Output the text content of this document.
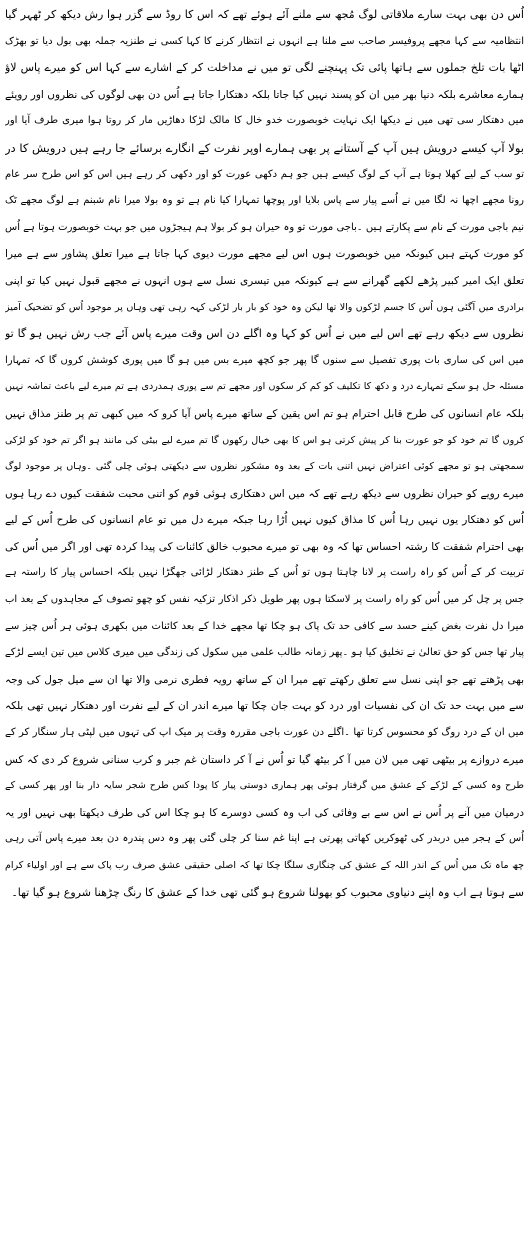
اُس دن بھی بہت سارے ملاقاتی لوگ مُجھ سے ملنے آئے ہوئے تھے کہ اس کا روڈ سے گزر ہوا رش دیکھ کر ٹھہر گیا
انتظامیہ سے کہا مجھے پروفیسر صاحب سے ملنا ہے انہوں نے انتظار کرنے کا کہا کسی نے طنزیہ جملہ بھی بول دیا تو بھڑک
اٹھا بات تلخ جملوں سے ہاتھا پائی تک پہنچنے لگی تو میں نے مداخلت کر کے اشارے سے کہا اس کو میرے پاس لاؤ
ہمارے معاشرے بلکہ دنیا بھر میں ان کو پسند نہیں کیا جاتا بلکہ دھتکارا جاتا ہے اُس دن بھی لوگوں کی نظروں اور رویئے
میں دھتکار سی تھی میں نے دیکھا ایک نہایت خوبصورت خدو خال کا مالک لڑکا دھاڑیں مار کر روتا ہوا میری طرف آیا اور
بولا آپ کیسے درویش ہیں آپ کے آستانے پر بھی ہمارے اوپر نفرت کے انگارے برسائے جا رہے ہیں درویش کا در
تو سب کے لیے کھلا ہوتا ہے آپ کے لوگ کیسے ہیں جو ہم دکھی عورت کو اور دکھی کر رہے ہیں اس کو اس طرح سر عام
رونا مجھے اچھا نہ لگا میں نے اُسے پیار سے پاس بلایا اور پوچھا تمہارا کیا نام ہے تو وہ بولا میرا نام شبنم ہے لوگ مجھے ٹک
نیم باجی مورت کے نام سے پکارتے ہیں ۔باجی مورت تو وہ حیران ہو کر بولا ہم ہیجڑوں میں جو بہت خوبصورت ہوتا ہے اُس
کو مورت کہتے ہیں کیونکہ میں خوبصورت ہوں اس لیے مجھے مورت دیوی کہا جاتا ہے میرا تعلق پشاور سے ہے میرا
تعلق ایک امیر کبیر پڑھے لکھے گھرانے سے ہے کیونکہ میں تیسری نسل سے ہوں انہوں نے مجھے قبول نہیں کیا تو اپنی
برادری میں آگئی ہوں اُس کا جسم لڑکوں والا تھا لیکن وہ خود کو بار بار لڑکی کہہ رہی تھی وہاں پر موجود اُس کو تضحیک آمیز
نظروں سے دیکھ رہے تھے اس لیے میں نے اُس کو کہا وہ اگلے دن اس وقت میرے پاس آئے جب رش نہیں ہو گا تو
میں اس کی ساری بات پوری تفصیل سے سنوں گا پھر جو کچھ میرے بس میں ہو گا میں پوری کوشش کروں گا کہ تمہارا
مسئلہ حل ہو سکے تمہارے درد و دکھ کا تکلیف کو کم کر سکوں اور مجھے تم سے پوری ہمدردی ہے تم میرے لیے باعث تماشہ نہیں
بلکہ عام انسانوں کی طرح قابل احترام ہو تم اس یقین کے ساتھ میرے پاس آیا کرو کہ میں کبھی تم پر طنز مذاق نہیں
کروں گا تم خود کو جو عورت بنا کر پیش کرتی ہو اس کا بھی خیال رکھوں گا تم میرے لیے بیٹی کی مانند ہو اگر تم خود کو لڑکی
سمجھتی ہو تو مجھے کوئی اعتراض نہیں اتنی بات کے بعد وہ مشکور نظروں سے دیکھتی ہوئی چلی گئی ۔وہاں پر موجود لوگ
میرے رویے کو حیران نظروں سے دیکھ رہے تھے کہ میں اس دھتکاری ہوئی قوم کو اتنی محبت شفقت کیوں دے رہا ہوں
اُس کو دھتکار یوں نہیں رہا اُس کا مذاق کیوں نہیں اُڑا رہا جبکہ میرے دل میں تو عام انسانوں کی طرح اُس کے لیے
بھی احترام شفقت کا رشتہ احساس تھا کہ وہ بھی تو میرے محبوب خالق کائنات کی پیدا کردہ تھی اور اگر میں اُس کی
تربیت کر کے اُس کو راہ راست پر لانا چاہتا ہوں تو اُس کے طنز دھتکار لڑائی جھگڑا نہیں بلکہ احساس پیار کا راستہ ہے
جس پر چل کر میں اُس کو راہ راست پر لاسکتا ہوں پھر طویل ذکر اذکار تزکیہ نفس کو چھو تصوف کے مجاہدوں کے بعد اب
میرا دل نفرت بغض کینے حسد سے کافی حد تک پاک ہو چکا تھا مجھے خدا کے بعد کائنات میں بکھری ہوئی ہر اُس چیز سے
پیار تھا جس کو حق تعالیٰ نے تخلیق کیا ہو ۔پھر زمانہ طالب علمی میں سکول کی زندگی میں میری کلاس میں تین ایسے لڑکے
بھی پڑھتے تھے جو اپنی نسل سے تعلق رکھتے تھے میرا ان کے ساتھ رویہ فطری نرمی والا تھا ان سے میل جول کی وجہ
سے میں بہت حد تک ان کی نفسیات اور درد کو بہت جان چکا تھا میرے اندر ان کے لیے نفرت اور دھتکار نہیں تھی بلکہ
میں ان کے درد روگ کو محسوس کرتا تھا ۔اگلے دن عورت باجی مقررہ وقت پر میک اپ کی تہوں میں لپٹی ہار سنگار کر کے
میرے دروازے پر بیٹھی تھی میں لان میں آ کر بیٹھ گیا تو اُس نے آ کر داستان غم جبر و کرب سنانی شروع کر دی کہ کس
طرح وہ کسی کے لڑکے کے عشق میں گرفتار ہوئی پھر ہماری دوستی پیار کا پودا کس طرح شجر سایہ دار بنا اور پھر کسی کے
درمیان میں آنے پر اُس نے اس سے بے وفائی کی اب وہ کسی دوسرے کا ہو چکا اس کی طرف دیکھتا بھی نہیں اور یہ
اُس کے ہجر میں دربدر کی ٹھوکریں کھاتی پھرتی ہے اپنا غم سنا کر چلی گئی پھر وہ دس پندرہ دن بعد میرے پاس آتی رہی
چھ ماہ تک میں اُس کے اندر اللہ کے عشق کی چنگاری سلگا چکا تھا کہ اصلی حقیقی عشق صرف رب پاک سے ہے اور اولیاء کرام
سے ہوتا ہے اب وہ اپنے دنیاوی محبوب کو بھولنا شروع ہو گئی تھی خدا کے عشق کا رنگ چڑھنا شروع ہو گیا تھا۔
